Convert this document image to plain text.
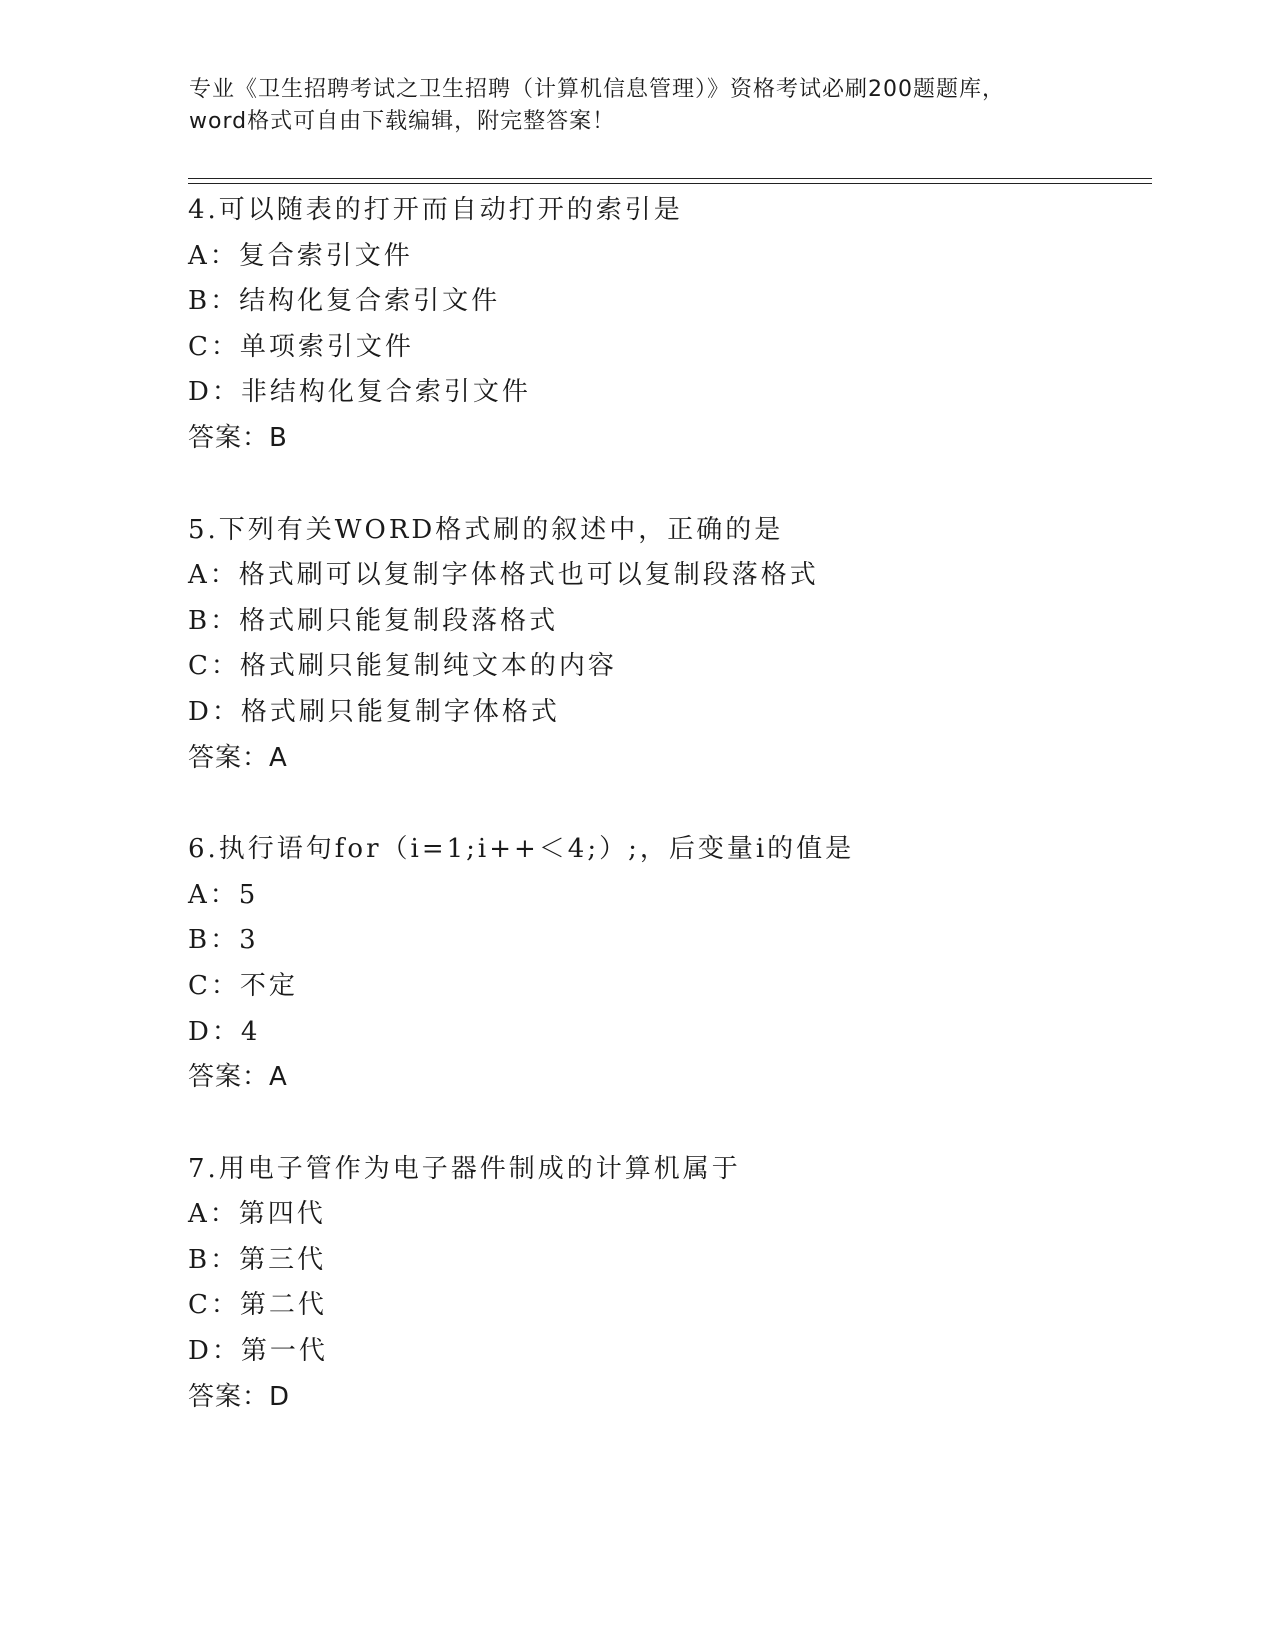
专业《卫生招聘考试之卫生招聘（计算机信息管理）》资格考试必刷200题题库，
word格式可自由下载编辑，附完整答案！
4.可以随表的打开而自动打开的索引是
A：复合索引文件
B：结构化复合索引文件
C：单项索引文件
D：非结构化复合索引文件
答案：B
5.下列有关WORD格式刷的叙述中，正确的是
A：格式刷可以复制字体格式也可以复制段落格式
B：格式刷只能复制段落格式
C：格式刷只能复制纯文本的内容
D：格式刷只能复制字体格式
答案：A
6.执行语句for（i=1;i++＜4;）;，后变量i的值是
A：5
B：3
C：不定
D：4
答案：A
7.用电子管作为电子器件制成的计算机属于
A：第四代
B：第三代
C：第二代
D：第一代
答案：D
